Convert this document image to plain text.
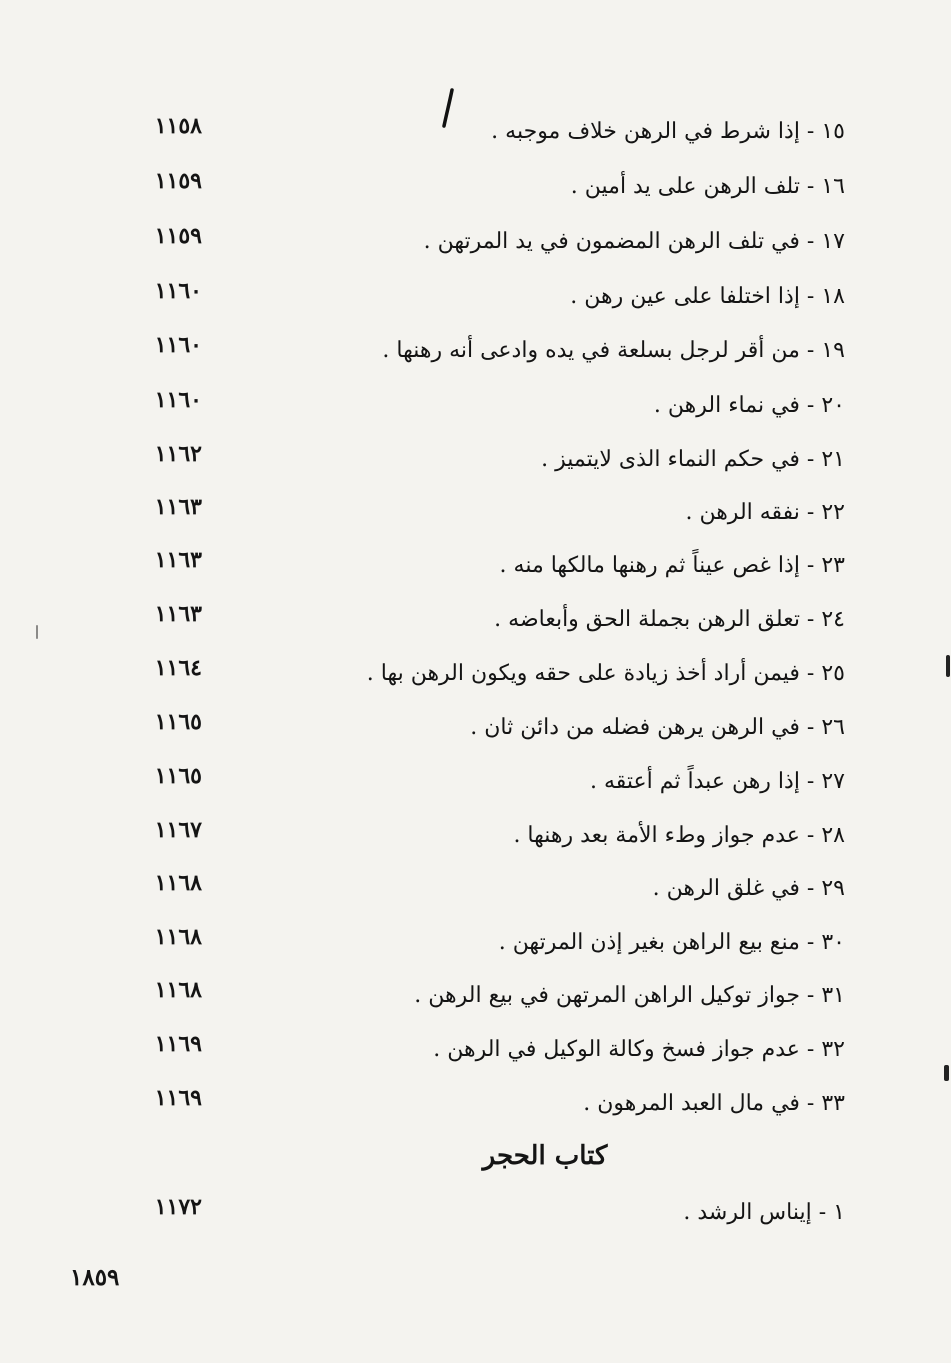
١٥ - إذا شرط في الرهن خلاف موجبه .
١١٥٨
١٦ - تلف الرهن على يد أمين .
١١٥٩
١٧ - في تلف الرهن المضمون في يد المرتهن .
١١٥٩
١٨ - إذا اختلفا على عين رهن .
١١٦٠
١٩ - من أقر لرجل بسلعة في يده وادعى أنه رهنها .
١١٦٠
٢٠ - في نماء الرهن .
١١٦٠
٢١ - في حكم النماء الذى لايتميز .
١١٦٢
٢٢ - نفقه الرهن .
١١٦٣
٢٣ - إذا غص عيناً ثم رهنها مالكها منه .
١١٦٣
٢٤ - تعلق الرهن بجملة الحق وأبعاضه .
١١٦٣
٢٥ - فيمن أراد أخذ زيادة على حقه ويكون الرهن بها .
١١٦٤
٢٦ - في الرهن يرهن فضله من دائن ثان .
١١٦٥
٢٧ - إذا رهن عبداً ثم أعتقه .
١١٦٥
٢٨ - عدم جواز وطء الأمة بعد رهنها .
١١٦٧
٢٩ - في غلق الرهن .
١١٦٨
٣٠ - منع بيع الراهن بغير إذن المرتهن .
١١٦٨
٣١ - جواز توكيل الراهن المرتهن في بيع الرهن .
١١٦٨
٣٢ - عدم جواز فسخ وكالة الوكيل في الرهن .
١١٦٩
٣٣ - في مال العبد المرهون .
١١٦٩
كتاب الحجر
١ - إيناس الرشد .
١١٧٢
١٨٥٩
